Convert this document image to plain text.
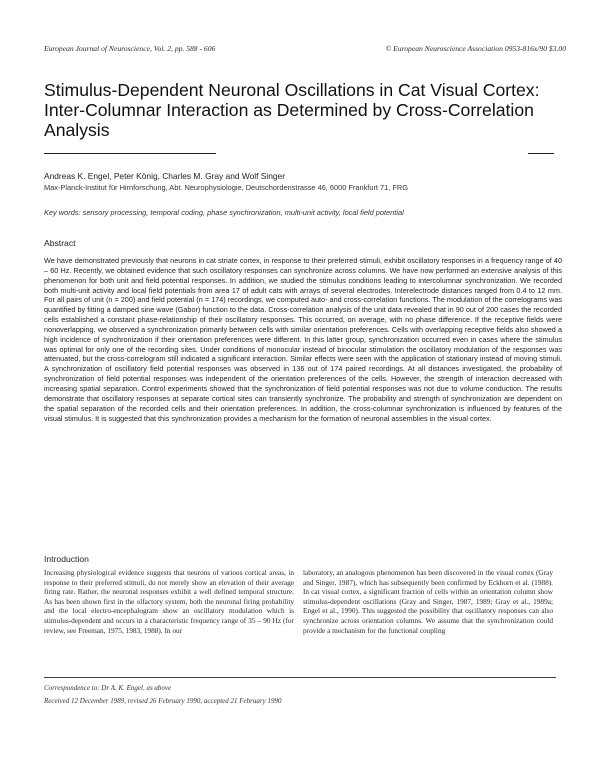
European Journal of Neuroscience, Vol. 2, pp. 588 - 606	© European Neuroscience Association 0953-816x/90 $3.00
Stimulus-Dependent Neuronal Oscillations in Cat Visual Cortex: Inter-Columnar Interaction as Determined by Cross-Correlation Analysis
Andreas K. Engel, Peter König, Charles M. Gray and Wolf Singer
Max-Planck-Institut für Hirnforschung, Abt. Neurophysiologie, Deutschordenstrasse 46, 6000 Frankfurt 71, FRG
Key words: sensory processing, temporal coding, phase synchronization, multi-unit activity, local field potential
Abstract
We have demonstrated previously that neurons in cat striate cortex, in response to their preferred stimuli, exhibit oscillatory responses in a frequency range of 40 – 60 Hz. Recently, we obtained evidence that such oscillatory responses can synchronize across columns. We have now performed an extensive analysis of this phenomenon for both unit and field potential responses. In addition, we studied the stimulus conditions leading to intercolumnar synchronization. We recorded both multi-unit activity and local field potentials from area 17 of adult cats with arrays of several electrodes. Interelectrode distances ranged from 0.4 to 12 mm. For all pairs of unit (n = 200) and field potential (n = 174) recordings, we computed auto- and cross-correlation functions. The modulation of the correlograms was quantified by fitting a damped sine wave (Gabor) function to the data. Cross-correlation analysis of the unit data revealed that in 90 out of 200 cases the recorded cells established a constant phase-relationship of their oscillatory responses. This occurred, on average, with no phase difference. If the receptive fields were nonoverlapping, we observed a synchronization primarily between cells with similar orientation preferences. Cells with overlapping receptive fields also showed a high incidence of synchronization if their orientation preferences were different. In this latter group, synchronization occurred even in cases where the stimulus was optimal for only one of the recording sites. Under conditions of monocular instead of binocular stimulation the oscillatory modulation of the responses was attenuated, but the cross-correlogram still indicated a significant interaction. Similar effects were seen with the application of stationary instead of moving stimuli. A synchronization of oscillatory field potential responses was observed in 136 out of 174 paired recordings. At all distances investigated, the probability of synchronization of field potential responses was independent of the orientation preferences of the cells. However, the strength of interaction decreased with increasing spatial separation. Control experiments showed that the synchronization of field potential responses was not due to volume conduction. The results demonstrate that oscillatory responses at separate cortical sites can transiently synchronize. The probability and strength of synchronization are dependent on the spatial separation of the recorded cells and their orientation preferences. In addition, the cross-columnar synchronization is influenced by features of the visual stimulus. It is suggested that this synchronization provides a mechanism for the formation of neuronal assemblies in the visual cortex.
Introduction
Increasing physiological evidence suggests that neurons of various cortical areas, in response to their preferred stimuli, do not merely show an elevation of their average firing rate. Rather, the neuronal responses exhibit a well defined temporal structure. As has been shown first in the olfactory system, both the neuronal firing probability and the local electro-encephalogram show an oscillatory modulation which is stimulus-dependent and occurs in a characteristic frequency range of 35 – 90 Hz (for review, see Freeman, 1975, 1983, 1988). In our
laboratory, an analogous phenomenon has been discovered in the visual cortex (Gray and Singer, 1987), which has subsequently been confirmed by Eckhorn et al. (1988). In cat visual cortex, a significant fraction of cells within an orientation column show stimulus-dependent oscillations (Gray and Singer, 1987, 1989; Gray et al., 1989a; Engel et al., 1990). This suggested the possibility that oscillatory responses can also synchronize across orientation columns. We assume that the synchronization could provide a mechanism for the functional coupling
Correspondence to: Dr A. K. Engel, as above
Received 12 December 1989, revised 26 February 1990, accepted 21 February 1990
